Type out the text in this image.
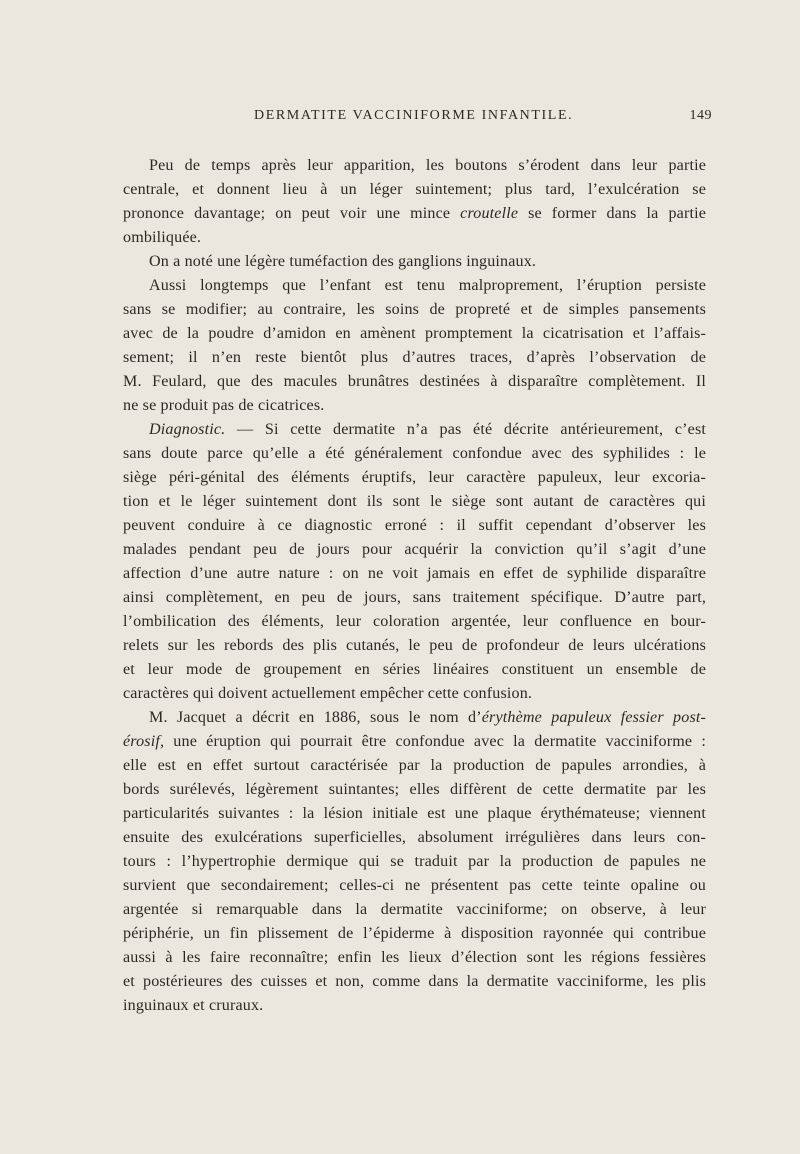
DERMATITE VACCINIFORME INFANTILE.	149
Peu de temps après leur apparition, les boutons s’érodent dans leur partie
centrale, et donnent lieu à un léger suintement; plus tard, l’exulcération se
prononce davantage; on peut voir une mince croutelle se former dans la partie
ombiliquée.
On a noté une légère tuméfaction des ganglions inguinaux.
Aussi longtemps que l’enfant est tenu malproprement, l’éruption persiste
sans se modifier; au contraire, les soins de propreté et de simples pansements
avec de la poudre d’amidon en amènent promptement la cicatrisation et l’affais-
sement; il n’en reste bientôt plus d’autres traces, d’après l’observation de
M. Feulard, que des macules brunâtres destinées à disparaître complètement. Il
ne se produit pas de cicatrices.
Diagnostic. — Si cette dermatite n’a pas été décrite antérieurement, c’est
sans doute parce qu’elle a été généralement confondue avec des syphilides : le
siège péri-génital des éléments éruptifs, leur caractère papuleux, leur excoria-
tion et le léger suintement dont ils sont le siège sont autant de caractères qui
peuvent conduire à ce diagnostic erroné : il suffit cependant d’observer les
malades pendant peu de jours pour acquérir la conviction qu’il s’agit d’une
affection d’une autre nature : on ne voit jamais en effet de syphilide disparaître
ainsi complètement, en peu de jours, sans traitement spécifique. D’autre part,
l’ombilication des éléments, leur coloration argentée, leur confluence en bour-
relets sur les rebords des plis cutanés, le peu de profondeur de leurs ulcérations
et leur mode de groupement en séries linéaires constituent un ensemble de
caractères qui doivent actuellement empêcher cette confusion.
M. Jacquet a décrit en 1886, sous le nom d’érythème papuleux fessier post-
érosif, une éruption qui pourrait être confondue avec la dermatite vacciniforme :
elle est en effet surtout caractérisée par la production de papules arrondies, à
bords surélevés, légèrement suintantes; elles diffèrent de cette dermatite par les
particularités suivantes : la lésion initiale est une plaque érythémateuse; viennent
ensuite des exulcérations superficielles, absolument irrégulières dans leurs con-
tours : l’hypertrophie dermique qui se traduit par la production de papules ne
survient que secondairement; celles-ci ne présentent pas cette teinte opaline ou
argentée si remarquable dans la dermatite vacciniforme; on observe, à leur
périphérie, un fin plissement de l’épiderme à disposition rayonnée qui contribue
aussi à les faire reconnaître; enfin les lieux d’élection sont les régions fessières
et postérieures des cuisses et non, comme dans la dermatite vacciniforme, les plis
inguinaux et cruraux.
